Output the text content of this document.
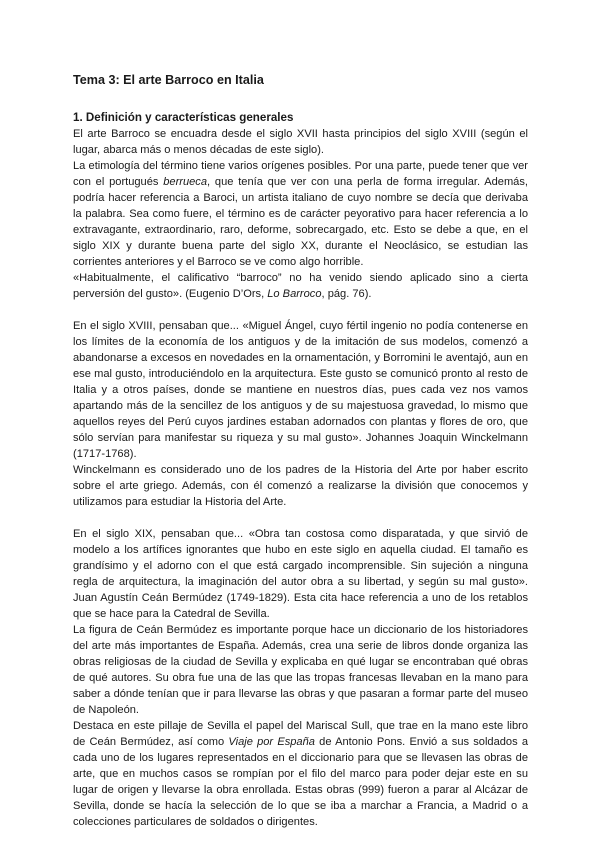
Tema 3: El arte Barroco en Italia
1. Definición y características generales

El arte Barroco se encuadra desde el siglo XVII hasta principios del siglo XVIII (según el lugar, abarca más o menos décadas de este siglo).

La etimología del término tiene varios orígenes posibles. Por una parte, puede tener que ver con el portugués berrueca, que tenía que ver con una perla de forma irregular. Además, podría hacer referencia a Baroci, un artista italiano de cuyo nombre se decía que derivaba la palabra. Sea como fuere, el término es de carácter peyorativo para hacer referencia a lo extravagante, extraordinario, raro, deforme, sobrecargado, etc. Esto se debe a que, en el siglo XIX y durante buena parte del siglo XX, durante el Neoclásico, se estudian las corrientes anteriores y el Barroco se ve como algo horrible.

«Habitualmente, el calificativo “barroco” no ha venido siendo aplicado sino a cierta perversión del gusto». (Eugenio D’Ors, Lo Barroco, pág. 76).

En el siglo XVIII, pensaban que... «Miguel Ángel, cuyo fértil ingenio no podía contenerse en los límites de la economía de los antiguos y de la imitación de sus modelos, comenzó a abandonarse a excesos en novedades en la ornamentación, y Borromini le aventajó, aun en ese mal gusto, introduciéndolo en la arquitectura. Este gusto se comunicó pronto al resto de Italia y a otros países, donde se mantiene en nuestros días, pues cada vez nos vamos apartando más de la sencillez de los antiguos y de su majestuosa gravedad, lo mismo que aquellos reyes del Perú cuyos jardines estaban adornados con plantas y flores de oro, que sólo servían para manifestar su riqueza y su mal gusto». Johannes Joaquin Winckelmann (1717-1768).

Winckelmann es considerado uno de los padres de la Historia del Arte por haber escrito sobre el arte griego. Además, con él comenzó a realizarse la división que conocemos y utilizamos para estudiar la Historia del Arte.

En el siglo XIX, pensaban que... «Obra tan costosa como disparatada, y que sirvió de modelo a los artífices ignorantes que hubo en este siglo en aquella ciudad. El tamaño es grandísimo y el adorno con el que está cargado incomprensible. Sin sujeción a ninguna regla de arquitectura, la imaginación del autor obra a su libertad, y según su mal gusto». Juan Agustín Ceán Bermúdez (1749-1829). Esta cita hace referencia a uno de los retablos que se hace para la Catedral de Sevilla.

La figura de Ceán Bermúdez es importante porque hace un diccionario de los historiadores del arte más importantes de España. Además, crea una serie de libros donde organiza las obras religiosas de la ciudad de Sevilla y explicaba en qué lugar se encontraban qué obras de qué autores. Su obra fue una de las que las tropas francesas llevaban en la mano para saber a dónde tenían que ir para llevarse las obras y que pasaran a formar parte del museo de Napoleón.

Destaca en este pillaje de Sevilla el papel del Mariscal Sull, que trae en la mano este libro de Ceán Bermúdez, así como Viaje por España de Antonio Pons. Envió a sus soldados a cada uno de los lugares representados en el diccionario para que se llevasen las obras de arte, que en muchos casos se rompían por el filo del marco para poder dejar este en su lugar de origen y llevarse la obra enrollada. Estas obras (999) fueron a parar al Alcázar de Sevilla, donde se hacía la selección de lo que se iba a marchar a Francia, a Madrid o a colecciones particulares de soldados o dirigentes.
